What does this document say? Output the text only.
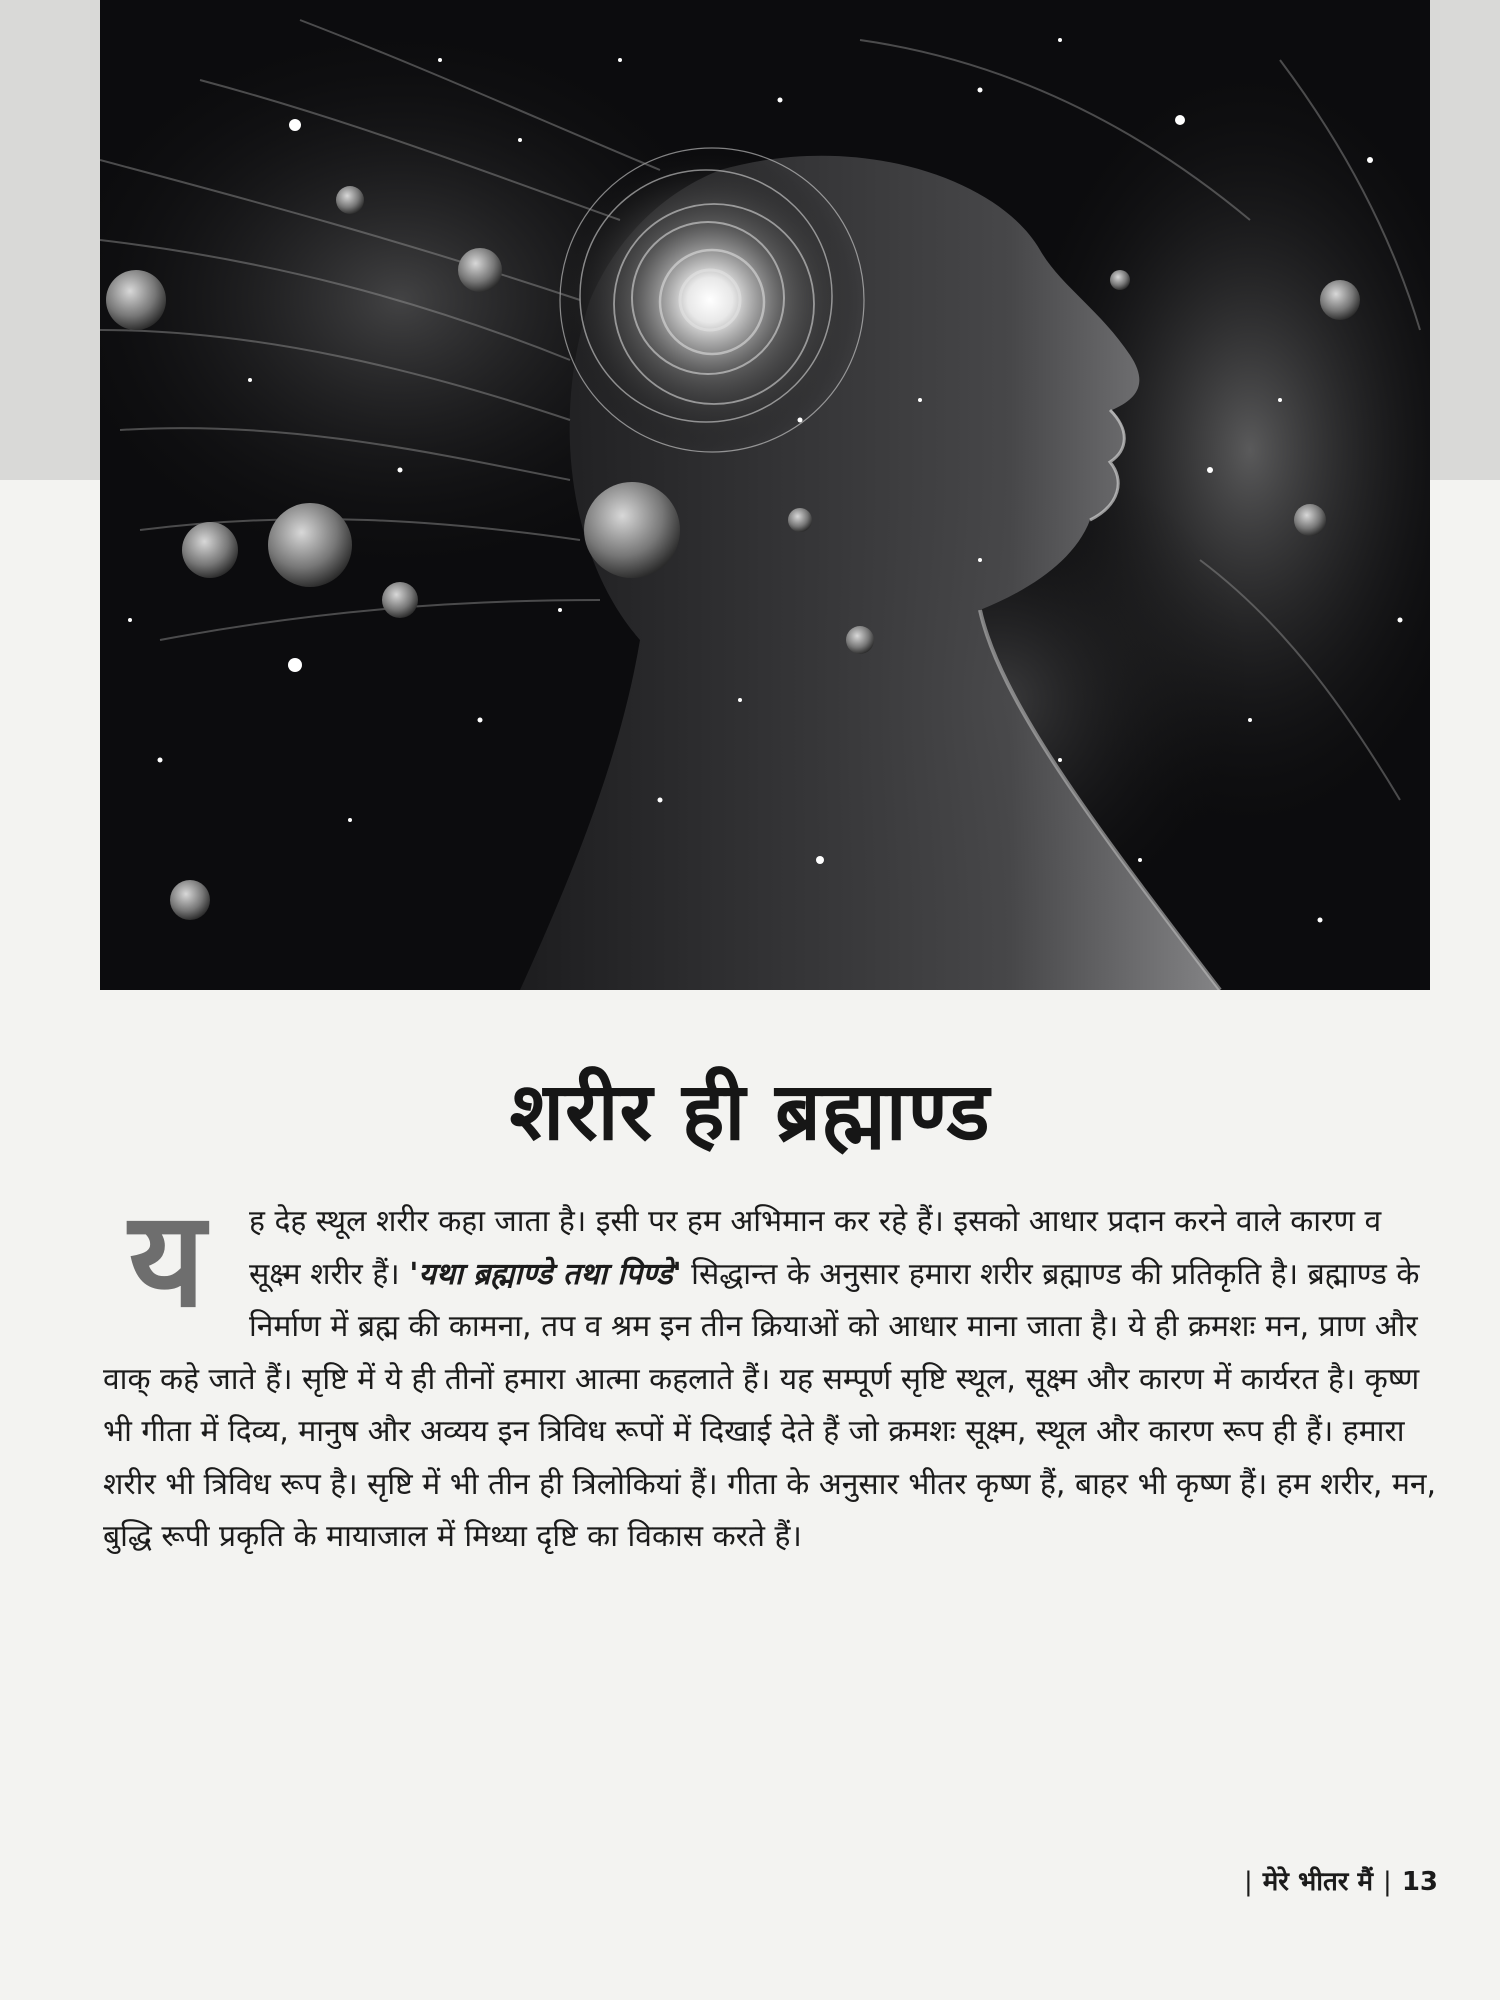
शरीर ही ब्रह्माण्ड
य	ह देह स्थूल शरीर कहा जाता है। इसी पर हम अभिमान कर रहे हैं। इसको आधार प्रदान करने वाले कारण व सूक्ष्म शरीर हैं। 'यथा ब्रह्माण्डे तथा पिण्डे' सिद्धान्त के अनुसार हमारा शरीर ब्रह्माण्ड की प्रतिकृति है। ब्रह्माण्ड के निर्माण में ब्रह्म की कामना, तप व श्रम इन तीन क्रियाओं को आधार माना जाता है। ये ही क्रमशः मन, प्राण और वाक् कहे जाते हैं। सृष्टि में ये ही तीनों हमारा आत्मा कहलाते हैं। यह सम्पूर्ण सृष्टि स्थूल, सूक्ष्म और कारण में कार्यरत है। कृष्ण भी गीता में दिव्य, मानुष और अव्यय इन त्रिविध रूपों में दिखाई देते हैं जो क्रमशः सूक्ष्म, स्थूल और कारण रूप ही हैं। हमारा शरीर भी त्रिविध रूप है। सृष्टि में भी तीन ही त्रिलोकियां हैं। गीता के अनुसार भीतर कृष्ण हैं, बाहर भी कृष्ण हैं। हम शरीर, मन, बुद्धि रूपी प्रकृति के मायाजाल में मिथ्या दृष्टि का विकास करते हैं।
| मेरे भीतर मैं | 13
